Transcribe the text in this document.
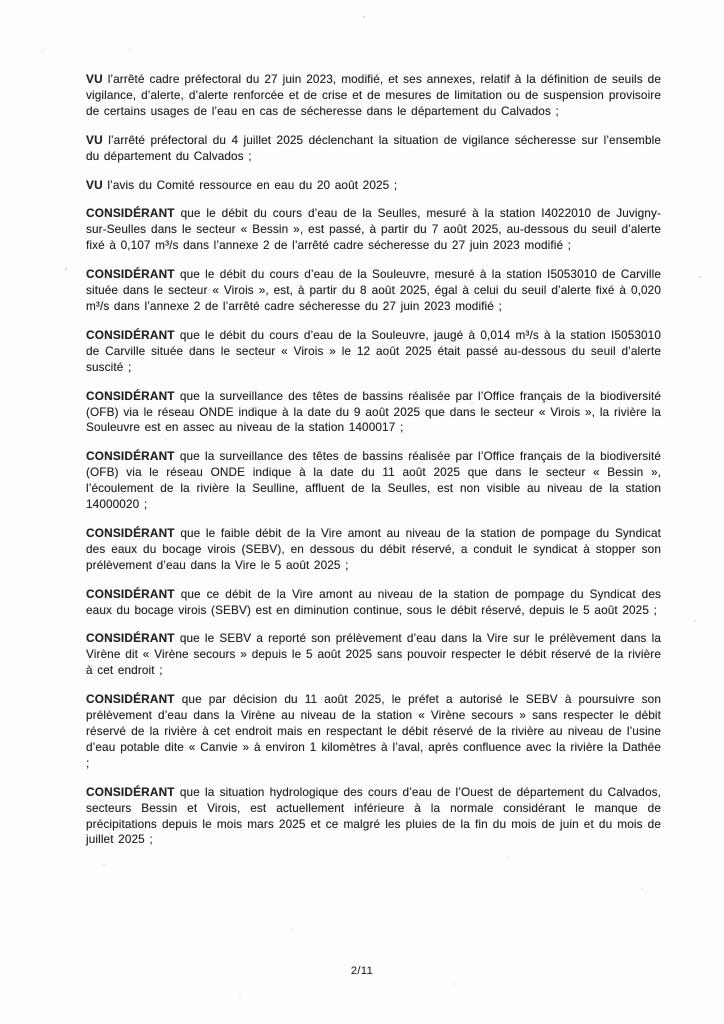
VU l’arrêté cadre préfectoral du 27 juin 2023, modifié, et ses annexes, relatif à la définition de seuils de vigilance, d’alerte, d’alerte renforcée et de crise et de mesures de limitation ou de suspension provisoire de certains usages de l’eau en cas de sécheresse dans le département du Calvados ;

VU l’arrêté préfectoral du 4 juillet 2025 déclenchant la situation de vigilance sécheresse sur l’ensemble du département du Calvados ;

VU l’avis du Comité ressource en eau du 20 août 2025 ;

CONSIDÉRANT que le débit du cours d’eau de la Seulles, mesuré à la station I4022010 de Juvigny-sur-Seulles dans le secteur « Bessin », est passé, à partir du 7 août 2025, au-dessous du seuil d’alerte fixé à 0,107 m³/s dans l’annexe 2 de l’arrêté cadre sécheresse du 27 juin 2023 modifié ;

CONSIDÉRANT que le débit du cours d’eau de la Souleuvre, mesuré à la station I5053010 de Carville située dans le secteur « Virois », est, à partir du 8 août 2025, égal à celui du seuil d’alerte fixé à 0,020 m³/s dans l’annexe 2 de l’arrêté cadre sécheresse du 27 juin 2023 modifié ;

CONSIDÉRANT que le débit du cours d’eau de la Souleuvre, jaugé à 0,014 m³/s à la station I5053010 de Carville située dans le secteur « Virois » le 12 août 2025 était passé au-dessous du seuil d’alerte suscité ;

CONSIDÉRANT que la surveillance des têtes de bassins réalisée par l’Office français de la biodiversité (OFB) via le réseau ONDE indique à la date du 9 août 2025 que dans le secteur « Virois », la rivière la Souleuvre est en assec au niveau de la station 1400017 ;

CONSIDÉRANT que la surveillance des têtes de bassins réalisée par l’Office français de la biodiversité (OFB) via le réseau ONDE indique à la date du 11 août 2025 que dans le secteur « Bessin », l’écoulement de la rivière la Seulline, affluent de la Seulles, est non visible au niveau de la station 14000020 ;

CONSIDÉRANT que le faible débit de la Vire amont au niveau de la station de pompage du Syndicat des eaux du bocage virois (SEBV), en dessous du débit réservé, a conduit le syndicat à stopper son prélèvement d’eau dans la Vire le 5 août 2025 ;

CONSIDÉRANT que ce débit de la Vire amont au niveau de la station de pompage du Syndicat des eaux du bocage virois (SEBV) est en diminution continue, sous le débit réservé, depuis le 5 août 2025 ;

CONSIDÉRANT que le SEBV a reporté son prélèvement d’eau dans la Vire sur le prélèvement dans la Virène dit « Virène secours » depuis le 5 août 2025 sans pouvoir respecter le débit réservé de la rivière à cet endroit ;

CONSIDÉRANT que par décision du 11 août 2025, le préfet a autorisé le SEBV à poursuivre son prélèvement d’eau dans la Virène au niveau de la station « Virène secours » sans respecter le débit réservé de la rivière à cet endroit mais en respectant le débit réservé de la rivière au niveau de l’usine d’eau potable dite « Canvie » à environ 1 kilomètres à l’aval, après confluence avec la rivière la Dathée ;

CONSIDÉRANT que la situation hydrologique des cours d’eau de l’Ouest de département du Calvados, secteurs Bessin et Virois, est actuellement inférieure à la normale considérant le manque de précipitations depuis le mois mars 2025 et ce malgré les pluies de la fin du mois de juin et du mois de juillet 2025 ;

2/11
